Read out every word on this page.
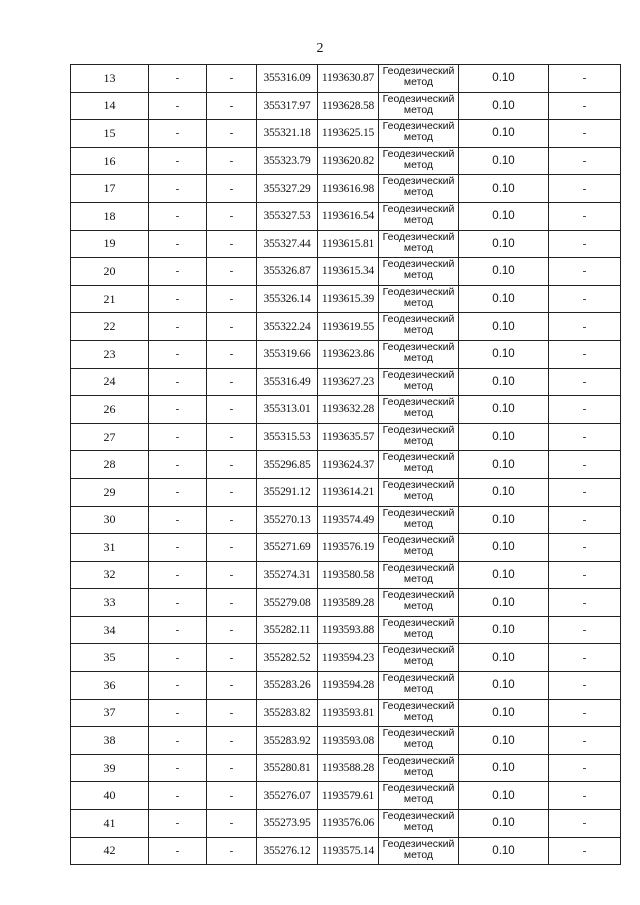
2
13	-	-	355316.09	1193630.87	Геодезический метод	0.10	-
14	-	-	355317.97	1193628.58	Геодезический метод	0.10	-
15	-	-	355321.18	1193625.15	Геодезический метод	0.10	-
16	-	-	355323.79	1193620.82	Геодезический метод	0.10	-
17	-	-	355327.29	1193616.98	Геодезический метод	0.10	-
18	-	-	355327.53	1193616.54	Геодезический метод	0.10	-
19	-	-	355327.44	1193615.81	Геодезический метод	0.10	-
20	-	-	355326.87	1193615.34	Геодезический метод	0.10	-
21	-	-	355326.14	1193615.39	Геодезический метод	0.10	-
22	-	-	355322.24	1193619.55	Геодезический метод	0.10	-
23	-	-	355319.66	1193623.86	Геодезический метод	0.10	-
24	-	-	355316.49	1193627.23	Геодезический метод	0.10	-
26	-	-	355313.01	1193632.28	Геодезический метод	0.10	-
27	-	-	355315.53	1193635.57	Геодезический метод	0.10	-
28	-	-	355296.85	1193624.37	Геодезический метод	0.10	-
29	-	-	355291.12	1193614.21	Геодезический метод	0.10	-
30	-	-	355270.13	1193574.49	Геодезический метод	0.10	-
31	-	-	355271.69	1193576.19	Геодезический метод	0.10	-
32	-	-	355274.31	1193580.58	Геодезический метод	0.10	-
33	-	-	355279.08	1193589.28	Геодезический метод	0.10	-
34	-	-	355282.11	1193593.88	Геодезический метод	0.10	-
35	-	-	355282.52	1193594.23	Геодезический метод	0.10	-
36	-	-	355283.26	1193594.28	Геодезический метод	0.10	-
37	-	-	355283.82	1193593.81	Геодезический метод	0.10	-
38	-	-	355283.92	1193593.08	Геодезический метод	0.10	-
39	-	-	355280.81	1193588.28	Геодезический метод	0.10	-
40	-	-	355276.07	1193579.61	Геодезический метод	0.10	-
41	-	-	355273.95	1193576.06	Геодезический метод	0.10	-
42	-	-	355276.12	1193575.14	Геодезический метод	0.10	-
